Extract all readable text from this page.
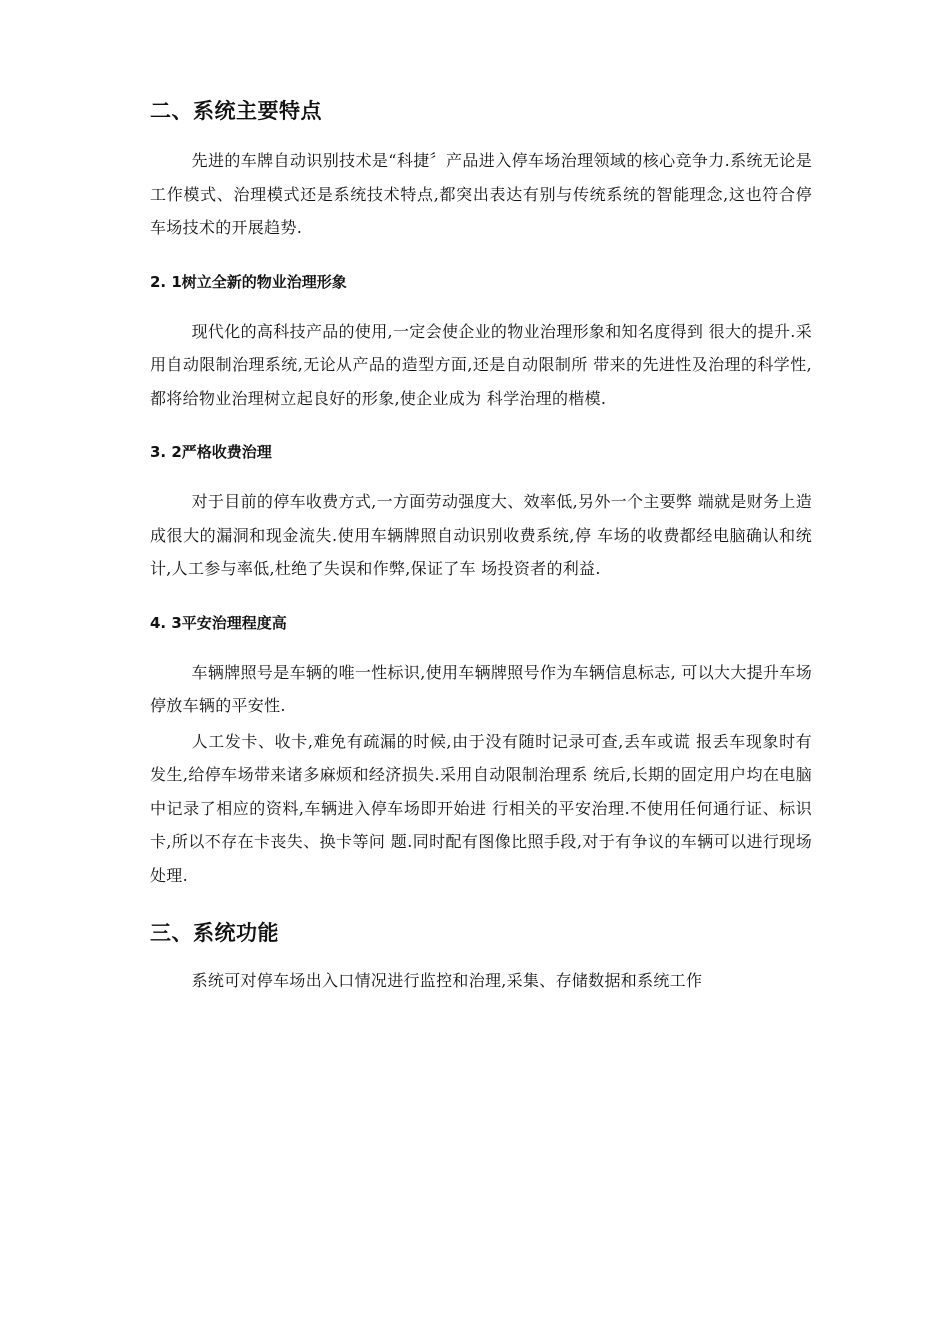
二、系统主要特点

先进的车牌自动识别技术是“科捷〞产品进入停车场治理领域的核心竞争力.系统无论是工作模式、治理模式还是系统技术特点,都突出表达有别与传统系统的智能理念,这也符合停车场技术的开展趋势.

2. 1树立全新的物业治理形象

现代化的高科技产品的使用,一定会使企业的物业治理形象和知名度得到 很大的提升.采用自动限制治理系统,无论从产品的造型方面,还是自动限制所 带来的先进性及治理的科学性,都将给物业治理树立起良好的形象,使企业成为 科学治理的楷模.

3. 2严格收费治理

对于目前的停车收费方式,一方面劳动强度大、效率低,另外一个主要弊 端就是财务上造成很大的漏洞和现金流失.使用车辆牌照自动识别收费系统,停 车场的收费都经电脑确认和统计,人工参与率低,杜绝了失误和作弊,保证了车 场投资者的利益.

4. 3平安治理程度高

车辆牌照号是车辆的唯一性标识,使用车辆牌照号作为车辆信息标志, 可以大大提升车场停放车辆的平安性.

人工发卡、收卡,难免有疏漏的时候,由于没有随时记录可查,丢车或谎 报丢车现象时有发生,给停车场带来诸多麻烦和经济损失.采用自动限制治理系 统后,长期的固定用户均在电脑中记录了相应的资料,车辆进入停车场即开始进 行相关的平安治理.不使用任何通行证、标识卡,所以不存在卡丧失、换卡等问 题.同时配有图像比照手段,对于有争议的车辆可以进行现场处理.

三、系统功能

系统可对停车场出入口情况进行监控和治理,采集、存储数据和系统工作
